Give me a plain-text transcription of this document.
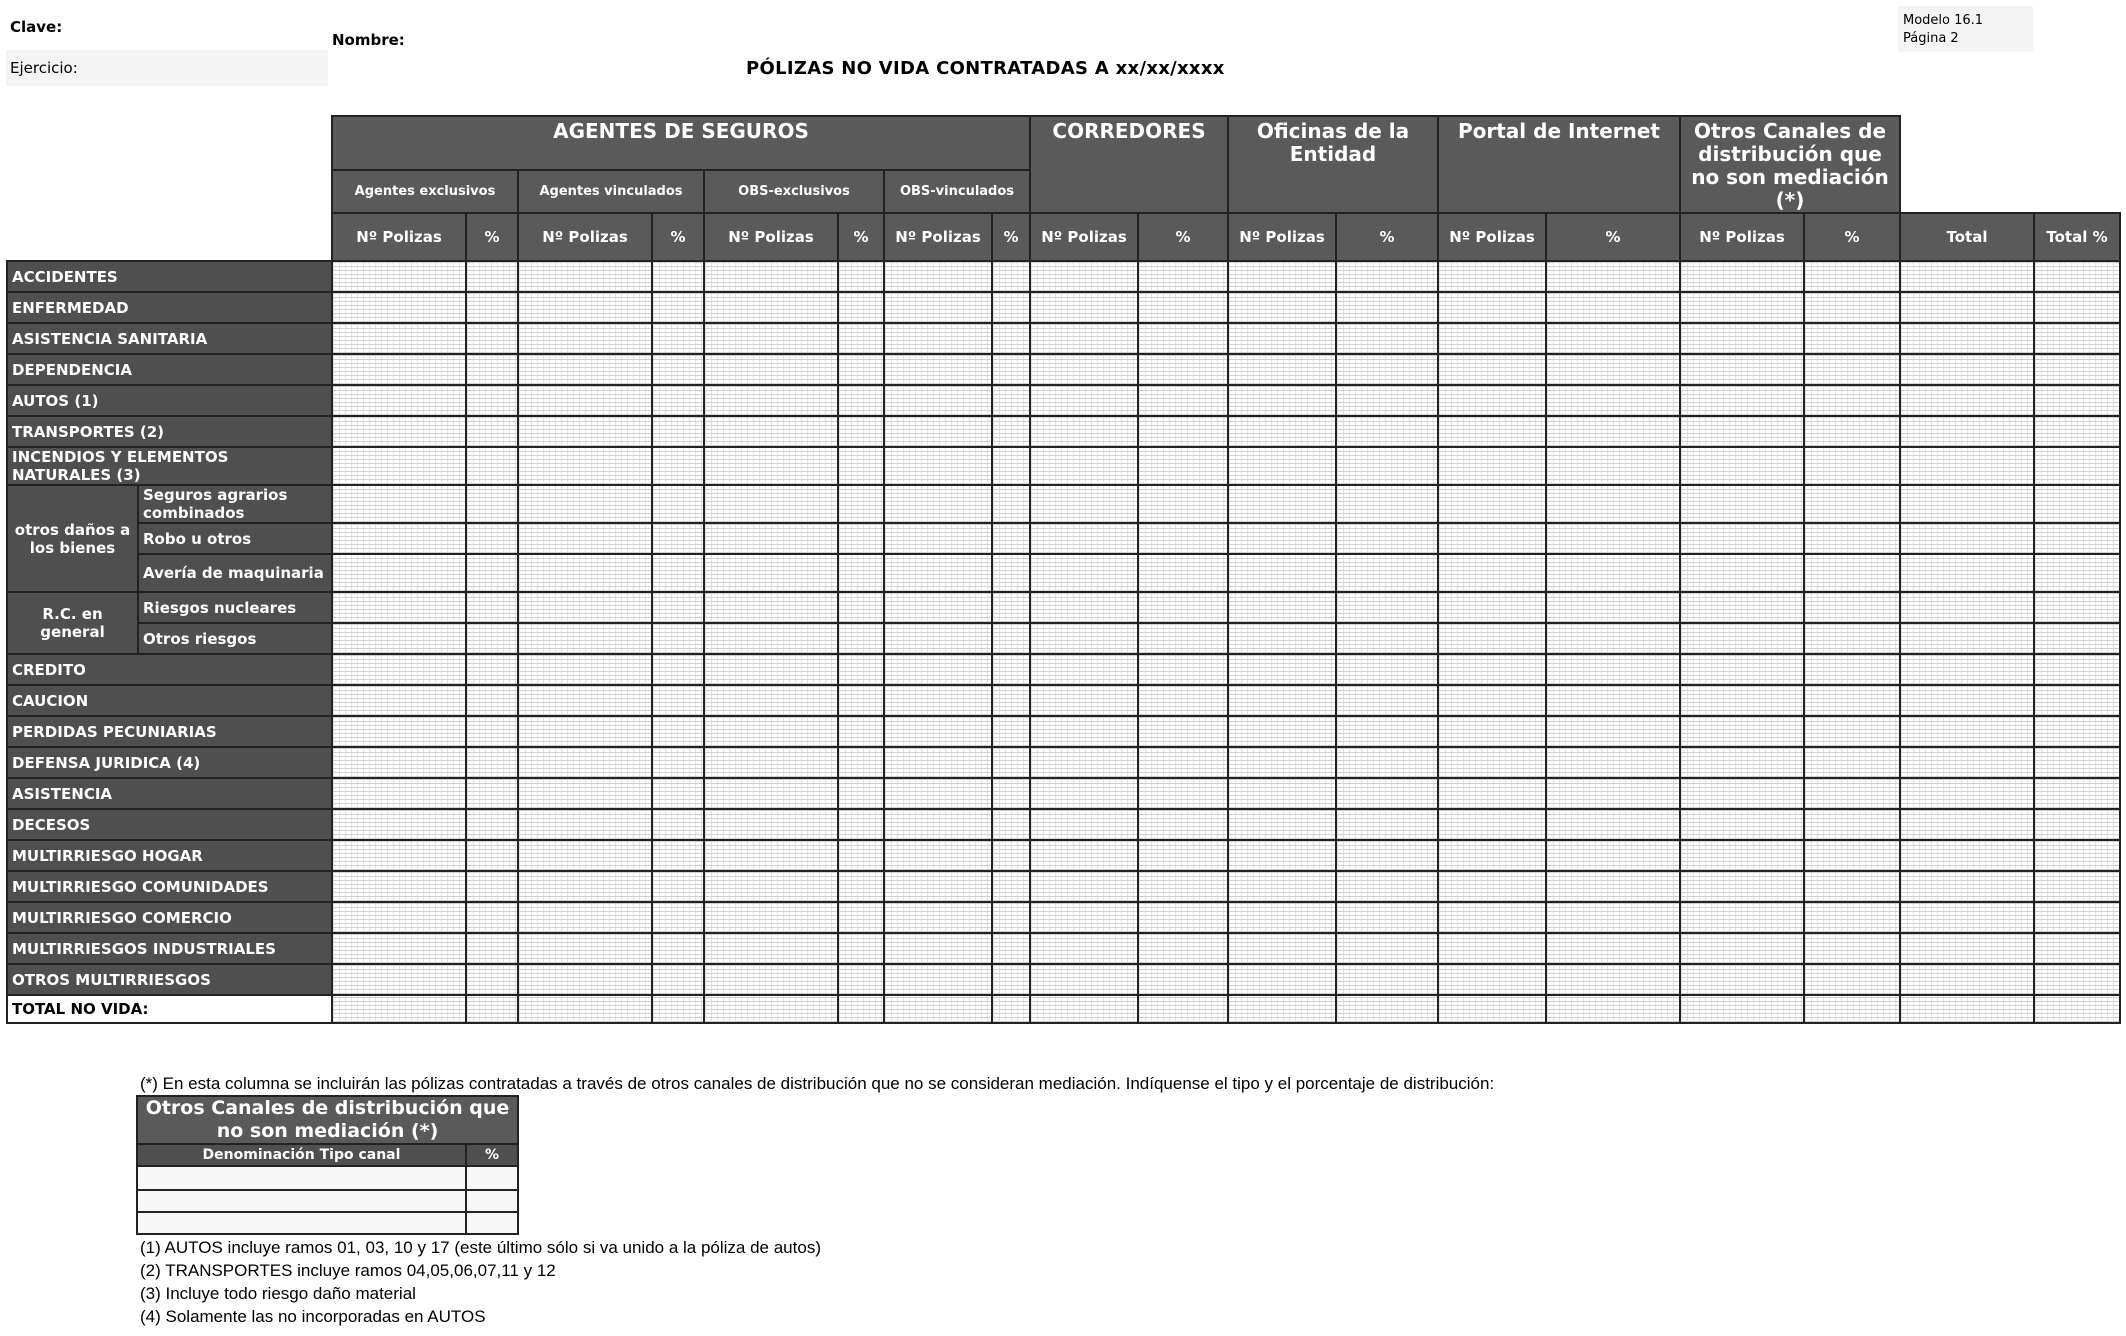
Clave:
Nombre:
Ejercicio:
Modelo 16.1
Página 2
PÓLIZAS NO VIDA CONTRATADAS A xx/xx/xxxx
		AGENTES DE SEGUROS								CORREDORES		Oficinas de la Entidad		Portal de Internet		Otros Canales de distribución que no son mediación (*)			
		Agentes exclusivos		Agentes vinculados		OBS-exclusivos		OBS-vinculados											
		Nº Polizas	%	Nº Polizas	%	Nº Polizas	%	Nº Polizas	%	Nº Polizas	%	Nº Polizas	%	Nº Polizas	%	Nº Polizas	%	Total	Total %
ACCIDENTES																			
ENFERMEDAD																			
ASISTENCIA SANITARIA																			
DEPENDENCIA																			
AUTOS (1)																			
TRANSPORTES (2)																			
INCENDIOS Y ELEMENTOS NATURALES (3)																			
otros daños a los bienes	Seguros agrarios combinados																		
	Robo u otros																		
	Avería de maquinaria																		
R.C. en general	Riesgos nucleares																		
	Otros riesgos																		
CREDITO																			
CAUCION																			
PERDIDAS PECUNIARIAS																			
DEFENSA JURIDICA (4)																			
ASISTENCIA																			
DECESOS																			
MULTIRRIESGO HOGAR																			
MULTIRRIESGO COMUNIDADES																			
MULTIRRIESGO COMERCIO																			
MULTIRRIESGOS INDUSTRIALES																			
OTROS MULTIRRIESGOS																			
TOTAL NO VIDA:																			
(*) En esta columna se incluirán las pólizas contratadas a través de otros canales de distribución que no se consideran mediación. Indíquense el tipo y el porcentaje de distribución:
Otros Canales de distribución que no son mediación (*)	
Denominación Tipo canal	%

(1) AUTOS incluye ramos 01, 03, 10 y 17 (este último sólo si va unido a la póliza de autos)
(2) TRANSPORTES incluye ramos 04,05,06,07,11 y 12
(3) Incluye todo riesgo daño material
(4) Solamente las no incorporadas en AUTOS
